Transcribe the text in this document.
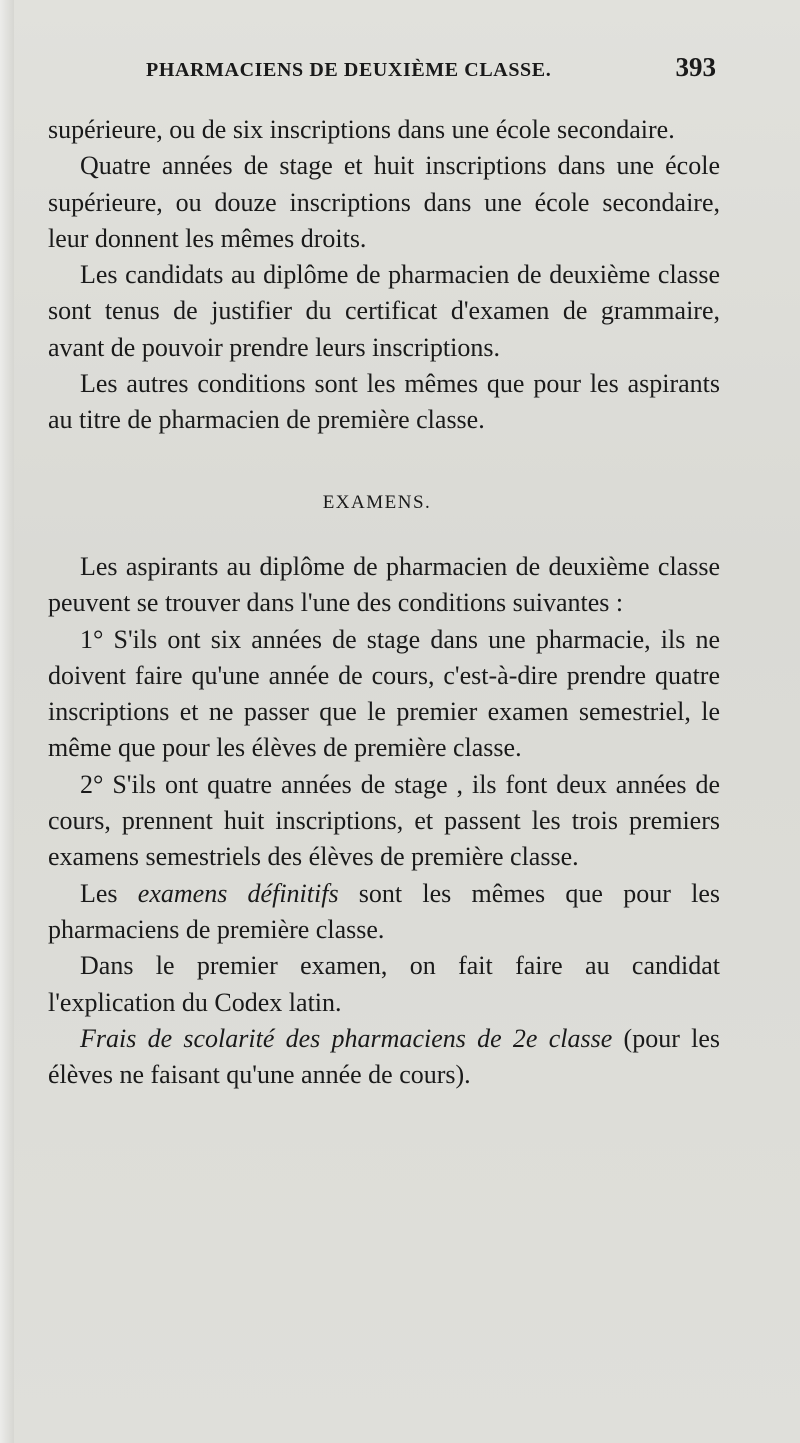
PHARMACIENS DE DEUXIÈME CLASSE.	393

supérieure, ou de six inscriptions dans une école secondaire.

Quatre années de stage et huit inscriptions dans une école supérieure, ou douze inscriptions dans une école secondaire, leur donnent les mêmes droits.

Les candidats au diplôme de pharmacien de deuxième classe sont tenus de justifier du certificat d'examen de grammaire, avant de pouvoir prendre leurs inscriptions.

Les autres conditions sont les mêmes que pour les aspirants au titre de pharmacien de première classe.

EXAMENS.

Les aspirants au diplôme de pharmacien de deuxième classe peuvent se trouver dans l'une des conditions suivantes :

1° S'ils ont six années de stage dans une pharmacie, ils ne doivent faire qu'une année de cours, c'est-à-dire prendre quatre inscriptions et ne passer que le premier examen semestriel, le même que pour les élèves de première classe.

2° S'ils ont quatre années de stage , ils font deux années de cours, prennent huit inscriptions, et passent les trois premiers examens semestriels des élèves de première classe.

Les examens définitifs sont les mêmes que pour les pharmaciens de première classe.

Dans le premier examen, on fait faire au candidat l'explication du Codex latin.

Frais de scolarité des pharmaciens de 2e classe (pour les élèves ne faisant qu'une année de cours).
